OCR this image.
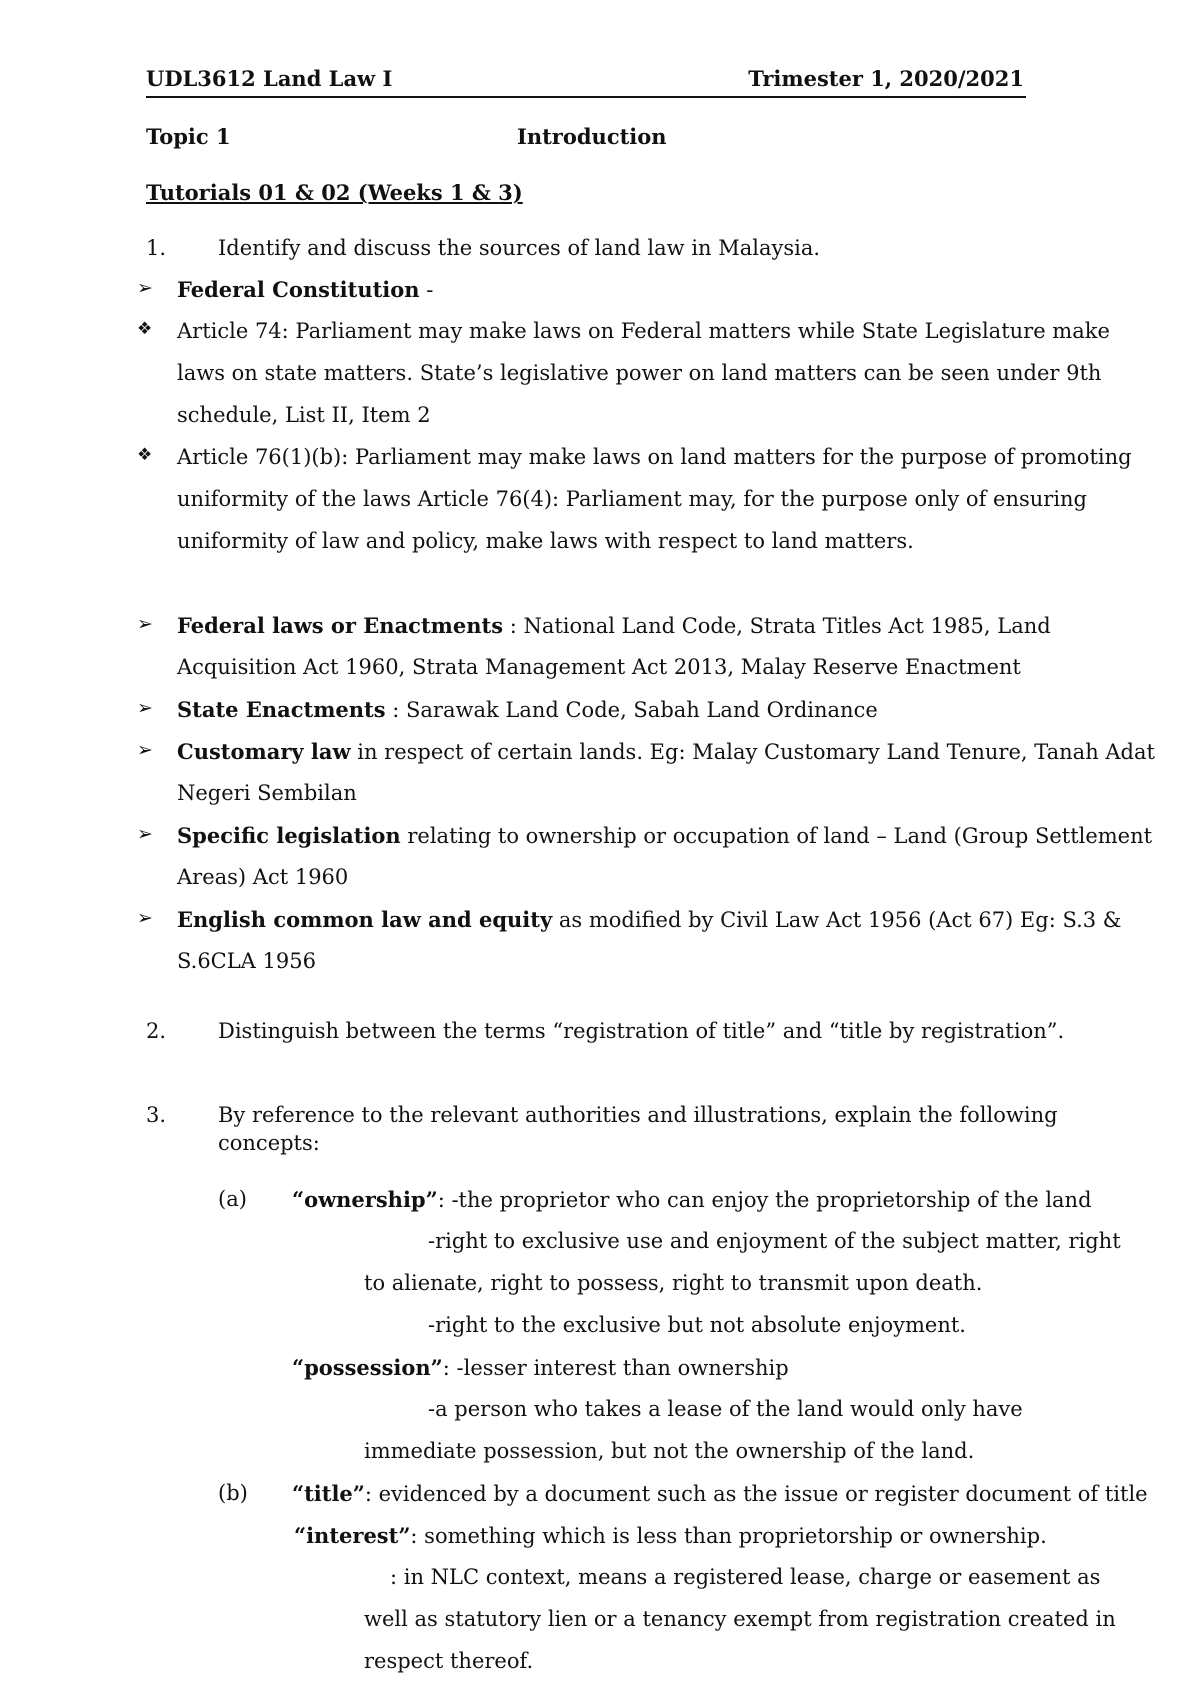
UDL3612 Land Law I	Trimester 1, 2020/2021
Topic 1	Introduction
Tutorials 01 & 02 (Weeks 1 & 3)
1. Identify and discuss the sources of land law in Malaysia.
➢ Federal Constitution -
❖ Article 74: Parliament may make laws on Federal matters while State Legislature make
laws on state matters. State’s legislative power on land matters can be seen under 9th
schedule, List II, Item 2
❖ Article 76(1)(b): Parliament may make laws on land matters for the purpose of promoting
uniformity of the laws Article 76(4): Parliament may, for the purpose only of ensuring
uniformity of law and policy, make laws with respect to land matters.
➢ Federal laws or Enactments : National Land Code, Strata Titles Act 1985, Land
Acquisition Act 1960, Strata Management Act 2013, Malay Reserve Enactment
➢ State Enactments : Sarawak Land Code, Sabah Land Ordinance
➢ Customary law in respect of certain lands. Eg: Malay Customary Land Tenure, Tanah Adat
Negeri Sembilan
➢ Specific legislation relating to ownership or occupation of land – Land (Group Settlement
Areas) Act 1960
➢ English common law and equity as modified by Civil Law Act 1956 (Act 67) Eg: S.3 &
S.6CLA 1956
2. Distinguish between the terms “registration of title” and “title by registration”.
3. By reference to the relevant authorities and illustrations, explain the following
concepts:
(a) “ownership”: -the proprietor who can enjoy the proprietorship of the land
-right to exclusive use and enjoyment of the subject matter, right
to alienate, right to possess, right to transmit upon death.
-right to the exclusive but not absolute enjoyment.
“possession”: -lesser interest than ownership
-a person who takes a lease of the land would only have
immediate possession, but not the ownership of the land.
(b) “title”: evidenced by a document such as the issue or register document of title
“interest”: something which is less than proprietorship or ownership.
: in NLC context, means a registered lease, charge or easement as
well as statutory lien or a tenancy exempt from registration created in
respect thereof.
